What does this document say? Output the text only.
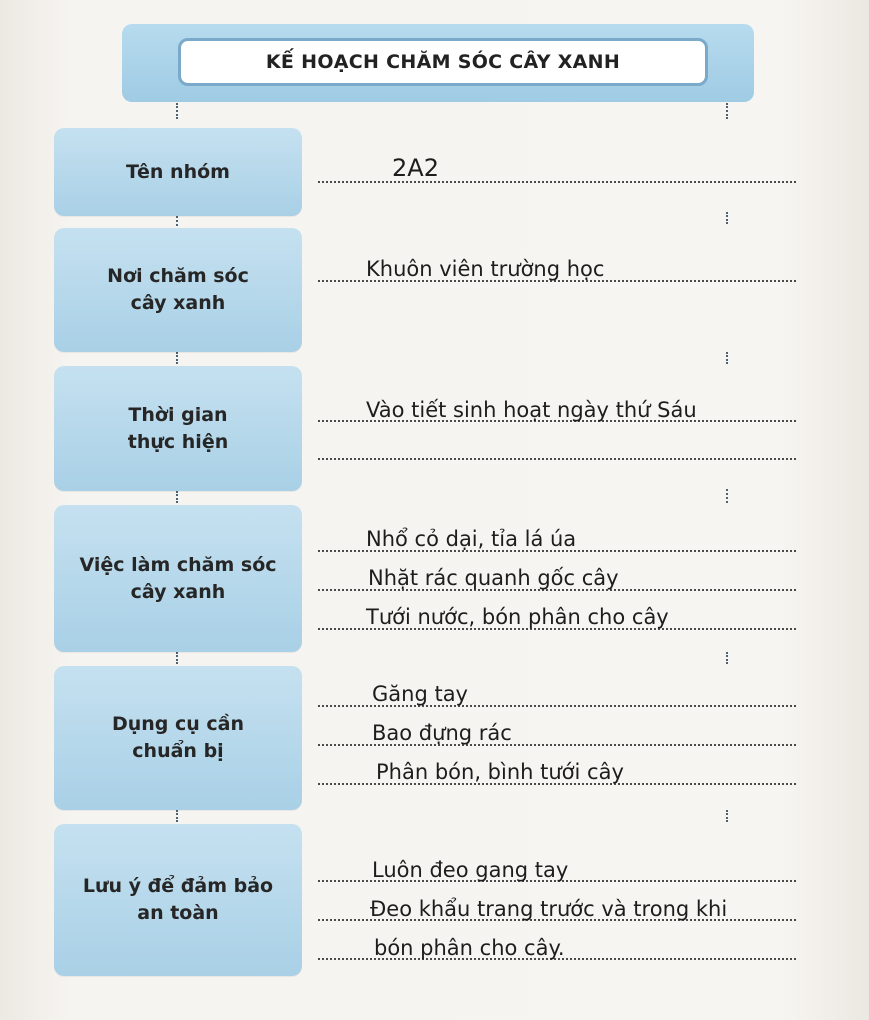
KẾ HOẠCH CHĂM SÓC CÂY XANH
Tên nhóm	2A2
Nơi chăm sóc
cây xanh
Khuôn viên trường học
Thời gian
thực hiện
Vào tiết sinh hoạt ngày thứ Sáu
Việc làm chăm sóc
cây xanh
Nhổ cỏ dại, tỉa lá úa
Nhặt rác quanh gốc cây
Tưới nước, bón phân cho cây
Dụng cụ cần
chuẩn bị
Găng tay
Bao đựng rác
Phân bón, bình tưới cây
Lưu ý để đảm bảo
an toàn
Luôn đeo gang tay
Đeo khẩu trang trước và trong khi
bón phân cho cây.
